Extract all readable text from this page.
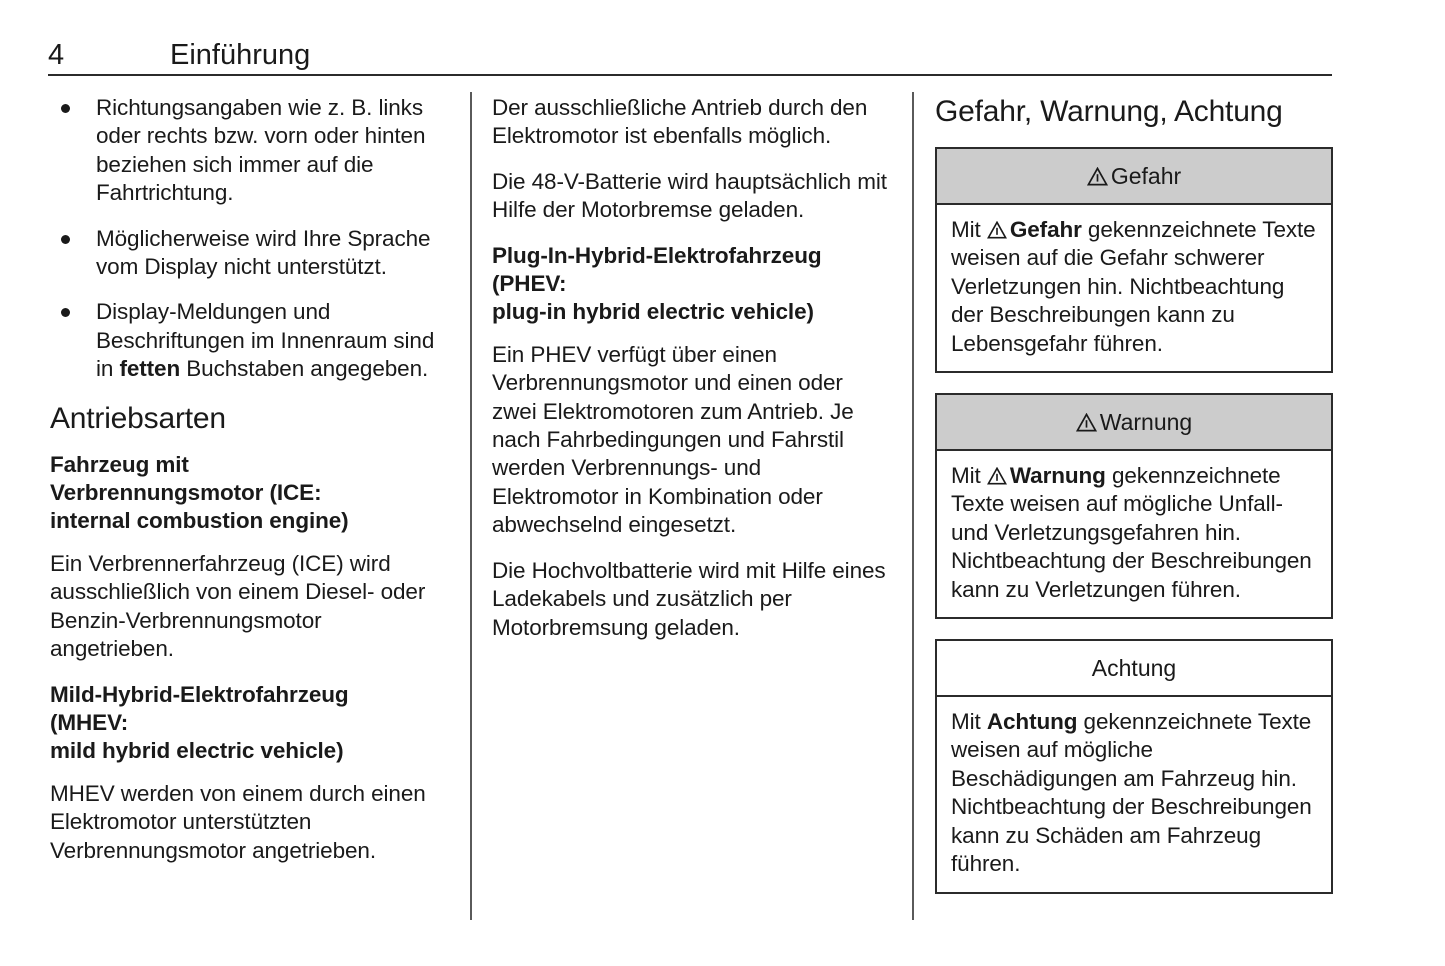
4	Einführung
Richtungsangaben wie z. B. links oder rechts bzw. vorn oder hinten beziehen sich immer auf die Fahrtrichtung.
Möglicherweise wird Ihre Sprache vom Display nicht unterstützt.
Display-Meldungen und Beschriftungen im Innenraum sind in fetten Buchstaben angegeben.
Antriebsarten
Fahrzeug mit
Verbrennungsmotor (ICE:
internal combustion engine)

Ein Verbrennerfahrzeug (ICE) wird ausschließlich von einem Diesel- oder Benzin-Verbrennungsmotor angetrieben.

Mild-Hybrid-Elektrofahrzeug
(MHEV:
mild hybrid electric vehicle)

MHEV werden von einem durch einen Elektromotor unterstützten Verbrennungsmotor angetrieben.

Der ausschließliche Antrieb durch den Elektromotor ist ebenfalls möglich.

Die 48-V-Batterie wird hauptsächlich mit Hilfe der Motorbremse geladen.

Plug-In-Hybrid-Elektrofahrzeug
(PHEV:
plug-in hybrid electric vehicle)

Ein PHEV verfügt über einen Verbrennungsmotor und einen oder zwei Elektromotoren zum Antrieb. Je nach Fahrbedingungen und Fahrstil werden Verbrennungs- und Elektromotor in Kombination oder abwechselnd eingesetzt.

Die Hochvoltbatterie wird mit Hilfe eines Ladekabels und zusätzlich per Motorbremsung geladen.

Gefahr, Warnung, Achtung
Gefahr
Mit
Gefahr gekennzeichnete Texte weisen auf die Gefahr schwerer Verletzungen hin. Nichtbeachtung der Beschreibungen kann zu Lebensgefahr führen.
Warnung
Mit
Warnung gekennzeichnete Texte weisen auf mögliche Unfall- und Verletzungsgefahren hin. Nichtbeachtung der Beschreibungen kann zu Verletzungen führen.
Achtung
Mit Achtung gekennzeichnete Texte weisen auf mögliche Beschädigungen am Fahrzeug hin. Nichtbeachtung der Beschreibungen kann zu Schäden am Fahrzeug führen.
